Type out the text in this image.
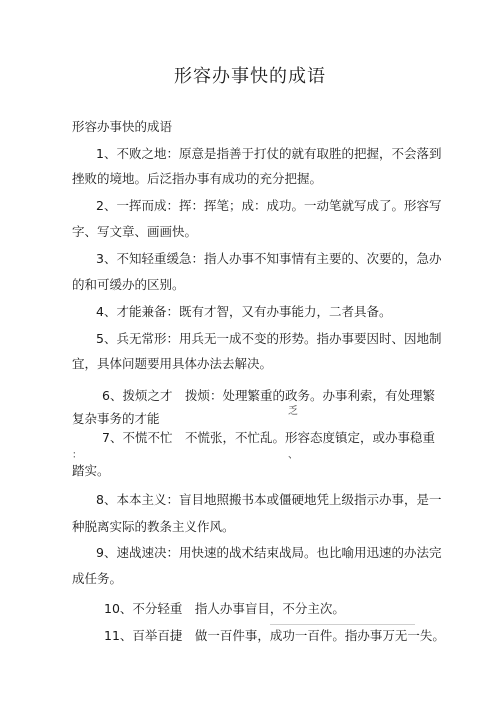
形容办事快的成语
形容办事快的成语
1、不败之地：原意是指善于打仗的就有取胜的把握，不会落到
挫败的境地。后泛指办事有成功的充分把握。
2、一挥而成：挥：挥笔；成：成功。一动笔就写成了。形容写
字、写文章、画画快。
3、不知轻重缓急：指人办事不知事情有主要的、次要的，急办
的和可缓办的区别。
4、才能兼备：既有才智，又有办事能力，二者具备。
5、兵无常形：用兵无一成不变的形势。指办事要因时、因地制
宜，具体问题要用具体办法去解决。
6、拨烦之才　拨烦：处理繁重的政务。办事利索，有处理繁
复杂事务的才能	乏
7、不慌不忙　不慌张，不忙乱。形容态度镇定，或办事稳重
：	、
踏实。
8、本本主义：盲目地照搬书本或僵硬地凭上级指示办事，是一
种脱离实际的教条主义作风。
9、速战速决：用快速的战术结束战局。也比喻用迅速的办法完
成任务。
10、不分轻重　指人办事盲目，不分主次。
11、百举百捷　做一百件事，成功一百件。指办事万无一失。
